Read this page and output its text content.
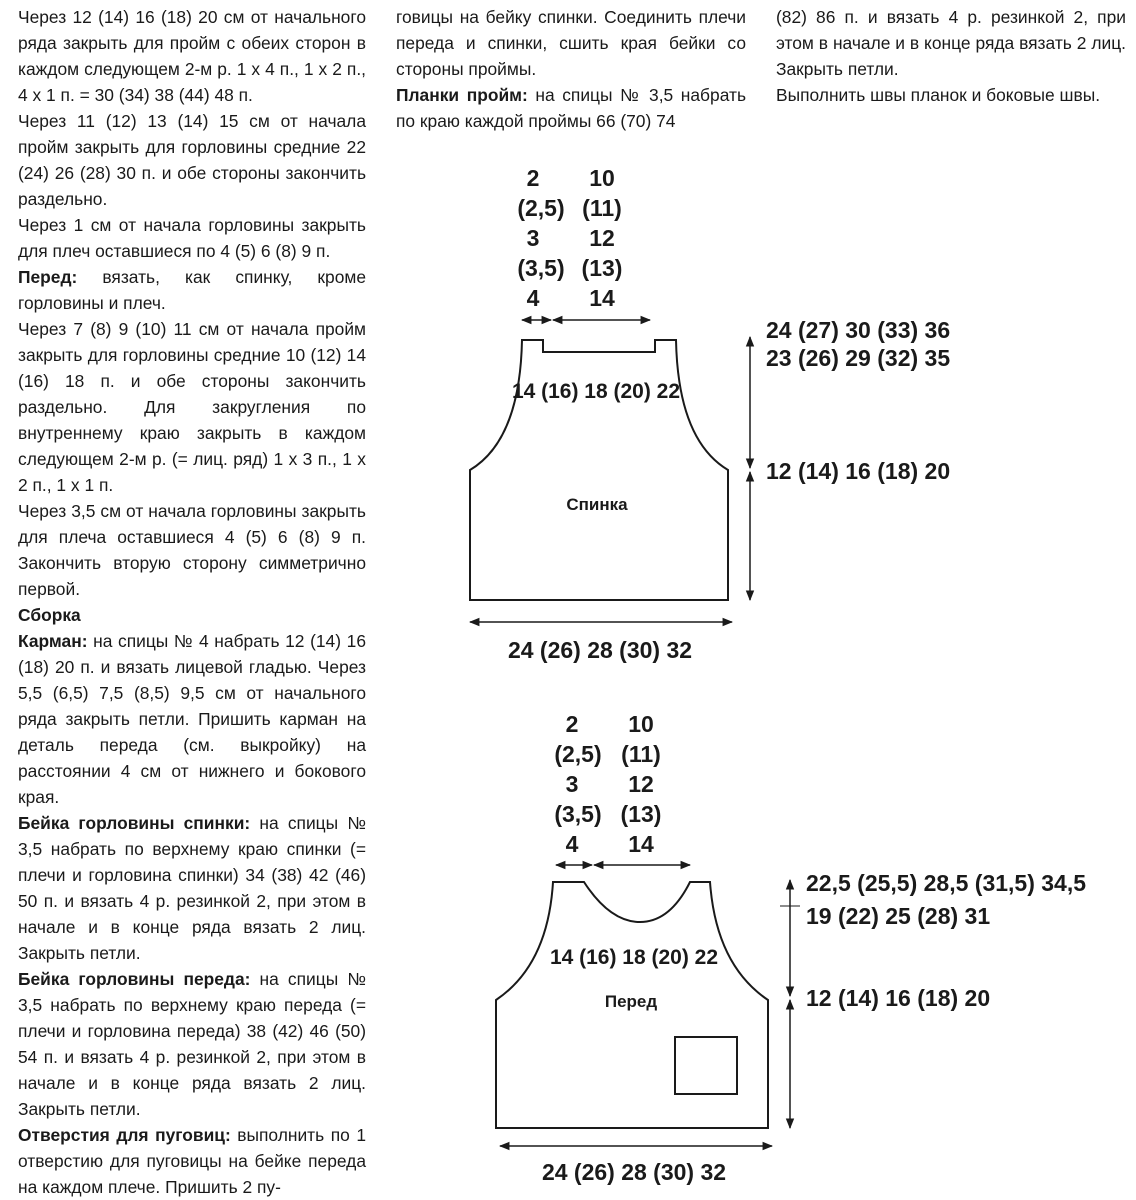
Через 12 (14) 16 (18) 20 см от начального ряда закрыть для пройм с обеих сторон в каждом следующем 2-м р. 1 х 4 п., 1 х 2 п., 4 х 1 п. = 30 (34) 38 (44) 48 п.

Через 11 (12) 13 (14) 15 см от начала пройм закрыть для горловины средние 22 (24) 26 (28) 30 п. и обе стороны закончить раздельно.

Через 1 см от начала горловины закрыть для плеч оставшиеся по 4 (5) 6 (8) 9 п.

Перед: вязать, как спинку, кроме горловины и плеч.

Через 7 (8) 9 (10) 11 см от начала пройм закрыть для горловины средние 10 (12) 14 (16) 18 п. и обе стороны закончить раздельно. Для закругления по внутреннему краю закрыть в каждом следующем 2-м р. (= лиц. ряд) 1 х 3 п., 1 х 2 п., 1 х 1 п.

Через 3,5 см от начала горловины закрыть для плеча оставшиеся 4 (5) 6 (8) 9 п. Закончить вторую сторону симметрично первой.

Сборка

Карман: на спицы № 4 набрать 12 (14) 16 (18) 20 п. и вязать лицевой гладью. Через 5,5 (6,5) 7,5 (8,5) 9,5 см от начального ряда закрыть петли. Пришить карман на деталь переда (см. выкройку) на расстоянии 4 см от нижнего и бокового края.

Бейка горловины спинки: на спицы № 3,5 набрать по верхнему краю спинки (= плечи и горловина спинки) 34 (38) 42 (46) 50 п. и вязать 4 р. резинкой 2, при этом в начале и в конце ряда вязать 2 лиц. Закрыть петли.

Бейка горловины переда: на спицы № 3,5 набрать по верхнему краю переда (= плечи и горловина переда) 38 (42) 46 (50) 54 п. и вязать 4 р. резинкой 2, при этом в начале и в конце ряда вязать 2 лиц. Закрыть петли.

Отверстия для пуговиц: выполнить по 1 отверстию для пуговицы на бейке переда на каждом плече. Пришить 2 пу-

говицы на бейку спинки. Соединить плечи переда и спинки, сшить края бейки со стороны проймы.

Планки пройм: на спицы № 3,5 набрать по краю каждой проймы 66 (70) 74

(82) 86 п. и вязать 4 р. резинкой 2, при этом в начале и в конце ряда вязать 2 лиц. Закрыть петли.

Выполнить швы планок и боковые швы.

Спинка
2
(2,5)
3
(3,5)
4
10
(11)
12
(13)
14
14 (16) 18 (20) 22
24 (27) 30 (33) 36
23 (26) 29 (32) 35
12 (14) 16 (18) 20
24 (26) 28 (30) 32
Перед
2
(2,5)
3
(3,5)
4
10
(11)
12
(13)
14
14 (16) 18 (20) 22
22,5 (25,5) 28,5 (31,5) 34,5
19 (22) 25 (28) 31
12 (14) 16 (18) 20
24 (26) 28 (30) 32
